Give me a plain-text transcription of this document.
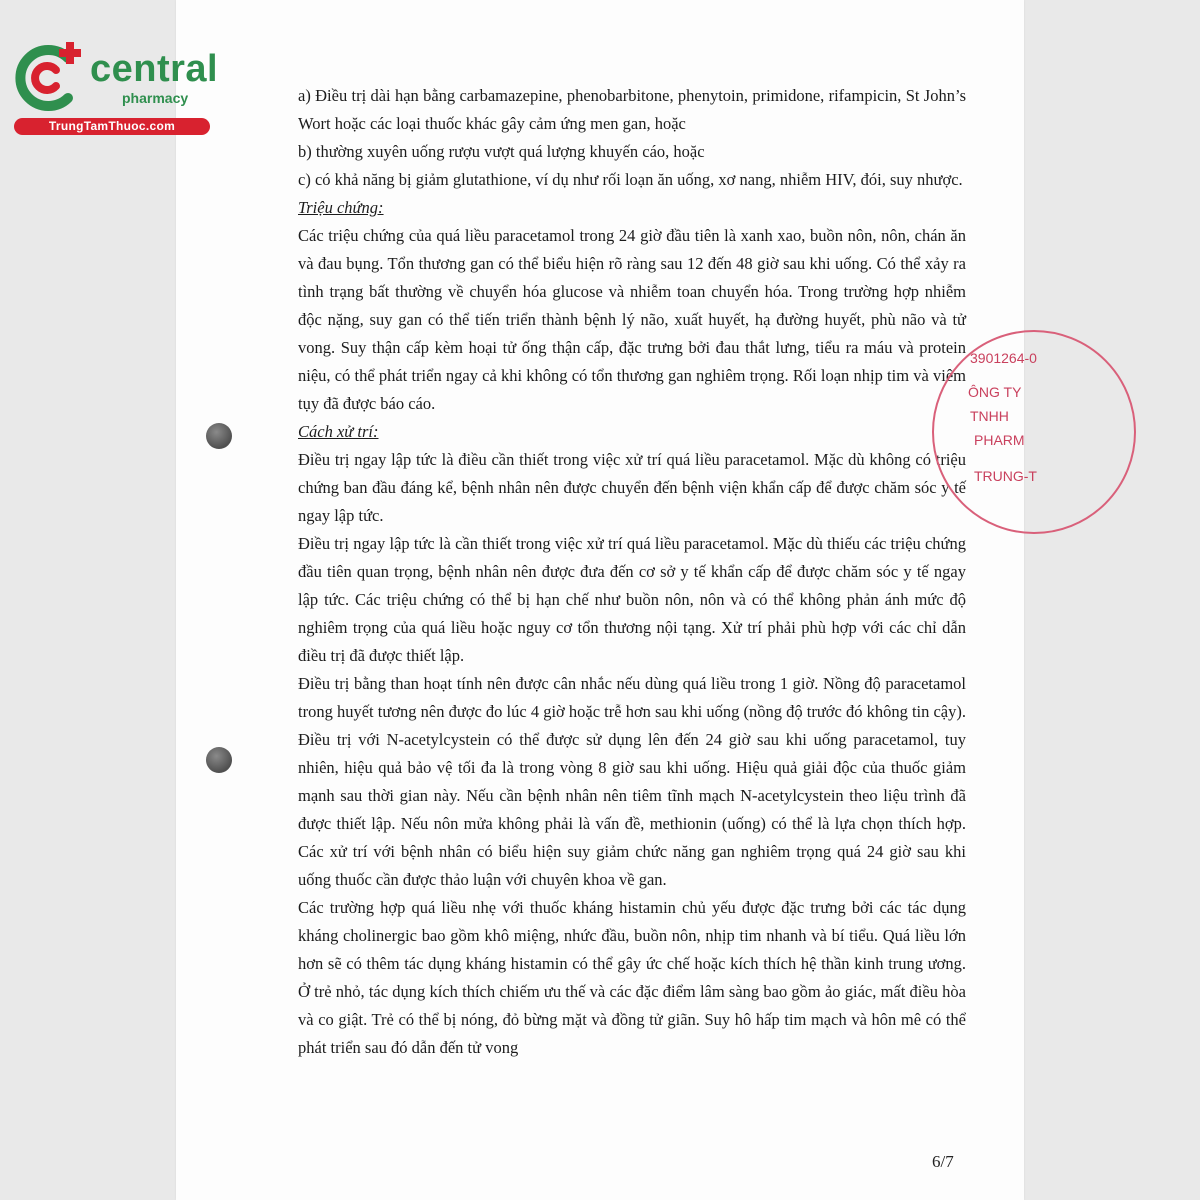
central
pharmacy
TrungTamThuoc.com

a) Điều trị dài hạn bằng carbamazepine, phenobarbitone, phenytoin, primidone, rifampicin, St John’s Wort hoặc các loại thuốc khác gây cảm ứng men gan, hoặc

b) thường xuyên uống rượu vượt quá lượng khuyến cáo, hoặc

c) có khả năng bị giảm glutathione, ví dụ như rối loạn ăn uống, xơ nang, nhiễm HIV, đói, suy nhược.

Triệu chứng:

Các triệu chứng của quá liều paracetamol trong 24 giờ đầu tiên là xanh xao, buồn nôn, nôn, chán ăn và đau bụng. Tổn thương gan có thể biểu hiện rõ ràng sau 12 đến 48 giờ sau khi uống. Có thể xảy ra tình trạng bất thường về chuyển hóa glucose và nhiễm toan chuyển hóa. Trong trường hợp nhiễm độc nặng, suy gan có thể tiến triển thành bệnh lý não, xuất huyết, hạ đường huyết, phù não và tử vong. Suy thận cấp kèm hoại tử ống thận cấp, đặc trưng bởi đau thắt lưng, tiểu ra máu và protein niệu, có thể phát triển ngay cả khi không có tổn thương gan nghiêm trọng. Rối loạn nhịp tim và viêm tụy đã được báo cáo.

Cách xử trí:

Điều trị ngay lập tức là điều cần thiết trong việc xử trí quá liều paracetamol. Mặc dù không có triệu chứng ban đầu đáng kể, bệnh nhân nên được chuyển đến bệnh viện khẩn cấp để được chăm sóc y tế ngay lập tức.

Điều trị ngay lập tức là cần thiết trong việc xử trí quá liều paracetamol. Mặc dù thiếu các triệu chứng đầu tiên quan trọng, bệnh nhân nên được đưa đến cơ sở y tế khẩn cấp để được chăm sóc y tế ngay lập tức. Các triệu chứng có thể bị hạn chế như buồn nôn, nôn và có thể không phản ánh mức độ nghiêm trọng của quá liều hoặc nguy cơ tổn thương nội tạng. Xử trí phải phù hợp với các chỉ dẫn điều trị đã được thiết lập.

Điều trị bằng than hoạt tính nên được cân nhắc nếu dùng quá liều trong 1 giờ. Nồng độ paracetamol trong huyết tương nên được đo lúc 4 giờ hoặc trễ hơn sau khi uống (nồng độ trước đó không tin cậy). Điều trị với N-acetylcystein có thể được sử dụng lên đến 24 giờ sau khi uống paracetamol, tuy nhiên, hiệu quả bảo vệ tối đa là trong vòng 8 giờ sau khi uống. Hiệu quả giải độc của thuốc giảm mạnh sau thời gian này. Nếu cần bệnh nhân nên tiêm tĩnh mạch N-acetylcystein theo liệu trình đã được thiết lập. Nếu nôn mửa không phải là vấn đề, methionin (uống) có thể là lựa chọn thích hợp. Các xử trí với bệnh nhân có biểu hiện suy giảm chức năng gan nghiêm trọng quá 24 giờ sau khi uống thuốc cần được thảo luận với chuyên khoa về gan.

Các trường hợp quá liều nhẹ với thuốc kháng histamin chủ yếu được đặc trưng bởi các tác dụng kháng cholinergic bao gồm khô miệng, nhức đầu, buồn nôn, nhịp tim nhanh và bí tiểu. Quá liều lớn hơn sẽ có thêm tác dụng kháng histamin có thể gây ức chế hoặc kích thích hệ thần kinh trung ương. Ở trẻ nhỏ, tác dụng kích thích chiếm ưu thế và các đặc điểm lâm sàng bao gồm ảo giác, mất điều hòa và co giật. Trẻ có thể bị nóng, đỏ bừng mặt và đồng tử giãn. Suy hô hấp tim mạch và hôn mê có thể phát triển sau đó dẫn đến tử vong

3901264-0
ÔNG TY
TNHH
PHARM
TRUNG-T
6/7
